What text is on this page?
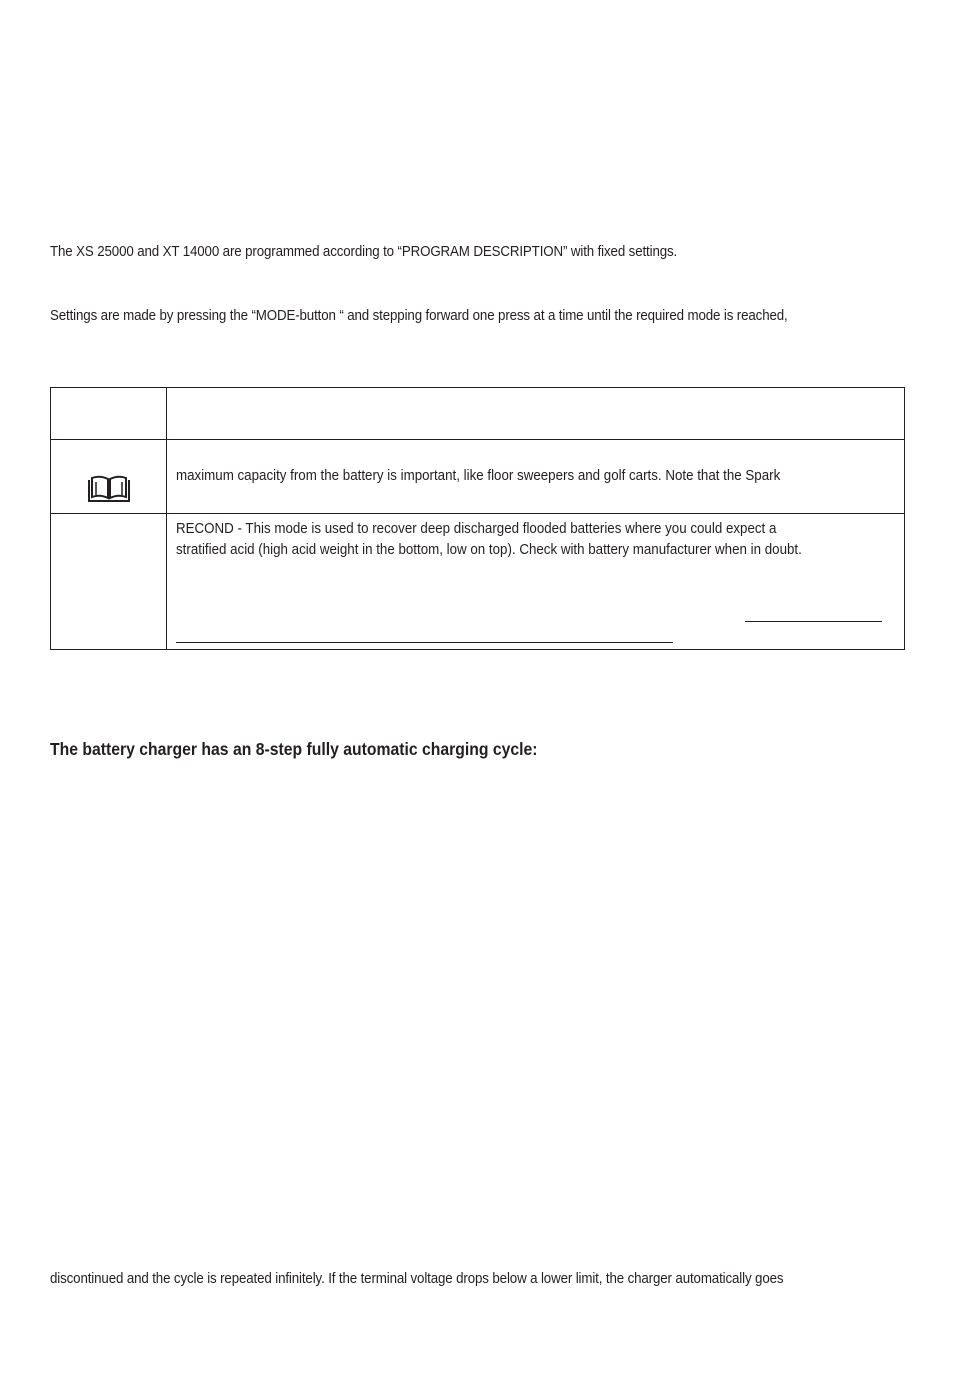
The XS 25000 and XT 14000 are programmed according to “PROGRAM DESCRIPTION” with fixed settings.
Settings are made by pressing the “MODE-button “ and stepping forward one press at a time until the required mode is reached,
maximum capacity from the battery is important, like floor sweepers and golf carts. Note that the Spark
RECOND - This mode is used to recover deep discharged flooded batteries where you could expect a
stratified acid (high acid weight in the bottom, low on top). Check with battery manufacturer when in doubt.
The battery charger has an 8-step fully automatic charging cycle:
discontinued and the cycle is repeated infinitely. If the terminal voltage drops below a lower limit, the charger automatically goes
